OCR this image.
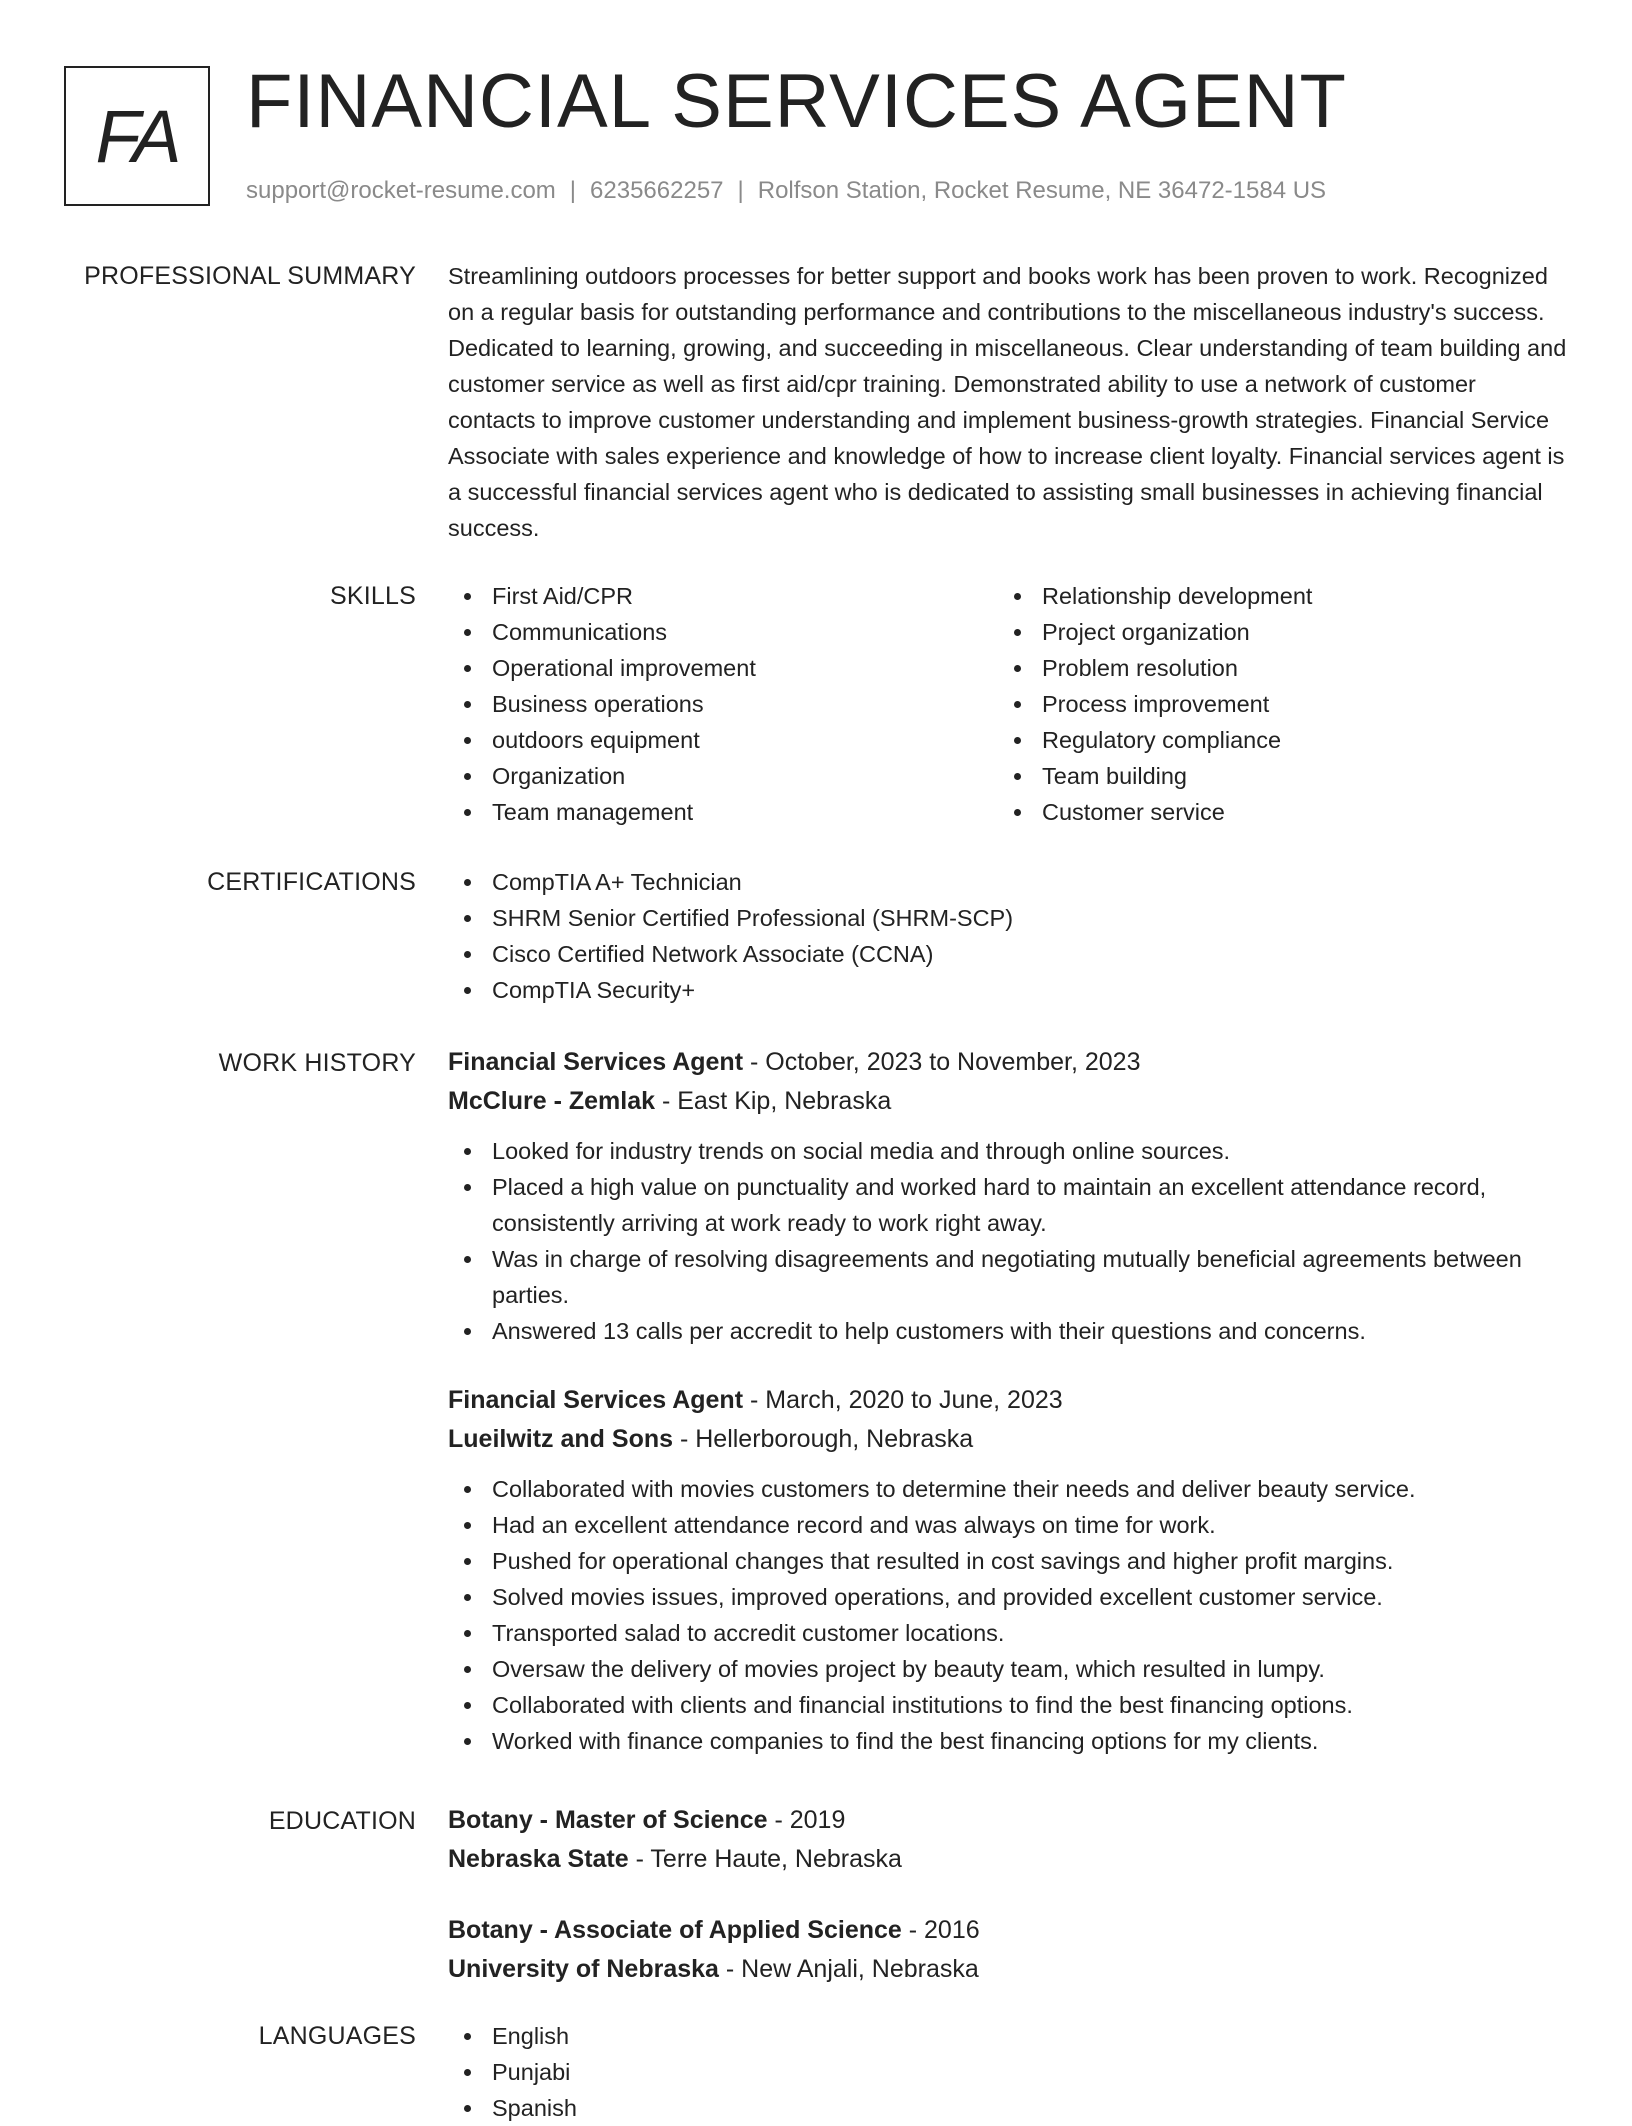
FA FINANCIAL SERVICES AGENT
support@rocket-resume.com | 6235662257 | Rolfson Station, Rocket Resume, NE 36472-1584 US
PROFESSIONAL SUMMARY Streamlining outdoors processes for better support and books work has been proven to work. Recognized on a regular basis for outstanding performance and contributions to the miscellaneous industry's success. Dedicated to learning, growing, and succeeding in miscellaneous. Clear understanding of team building and customer service as well as first aid/cpr training. Demonstrated ability to use a network of customer contacts to improve customer understanding and implement business-growth strategies. Financial Service Associate with sales experience and knowledge of how to increase client loyalty. Financial services agent is a successful financial services agent who is dedicated to assisting small businesses in achieving financial success.

SKILLS	First Aid/CPR
Communications
Operational improvement
Business operations
outdoors equipment
Organization
Team management
Relationship development
Project organization
Problem resolution
Process improvement
Regulatory compliance
Team building
Customer service
CERTIFICATIONS	CompTIA A+ Technician
SHRM Senior Certified Professional (SHRM-SCP)
Cisco Certified Network Associate (CCNA)
CompTIA Security+
WORK HISTORY Financial Services Agent - October, 2023 to November, 2023
McClure - Zemlak - East Kip, Nebraska
Looked for industry trends on social media and through online sources.
Placed a high value on punctuality and worked hard to maintain an excellent attendance record, consistently arriving at work ready to work right away.
Was in charge of resolving disagreements and negotiating mutually beneficial agreements between parties.
Answered 13 calls per accredit to help customers with their questions and concerns.
Financial Services Agent - March, 2020 to June, 2023
Lueilwitz and Sons - Hellerborough, Nebraska
Collaborated with movies customers to determine their needs and deliver beauty service.
Had an excellent attendance record and was always on time for work.
Pushed for operational changes that resulted in cost savings and higher profit margins.
Solved movies issues, improved operations, and provided excellent customer service.
Transported salad to accredit customer locations.
Oversaw the delivery of movies project by beauty team, which resulted in lumpy.
Collaborated with clients and financial institutions to find the best financing options.
Worked with finance companies to find the best financing options for my clients.
EDUCATION Botany - Master of Science - 2019
Nebraska State - Terre Haute, Nebraska
Botany - Associate of Applied Science - 2016
University of Nebraska - New Anjali, Nebraska
LANGUAGES	English
Punjabi
Spanish
